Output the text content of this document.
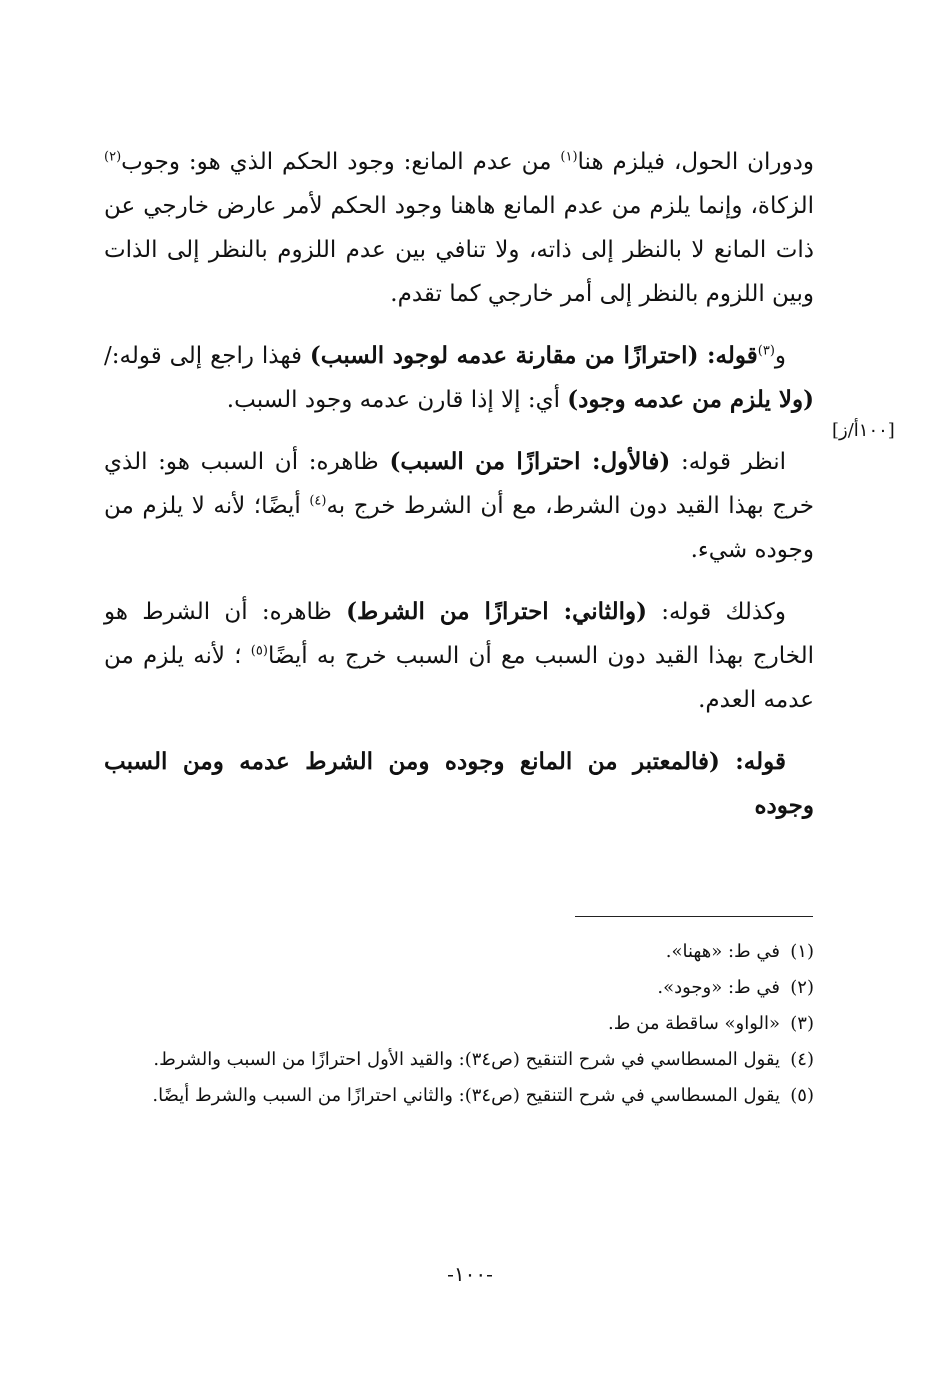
ودوران الحول، فيلزم هنا$^{(١)}$ من عدم المانع: وجود الحكم الذي هو: وجوب$^{(٢)}$ الزكاة، وإنما يلزم من عدم المانع هاهنا وجود الحكم لأمر عارض خارجي عن ذات المانع لا بالنظر إلى ذاته، ولا تنافي بين عدم اللزوم بالنظر إلى الذات وبين اللزوم بالنظر إلى أمر خارجي كما تقدم.

و$^{(٣)}$قوله: (احترازًا من مقارنة عدمه لوجود السبب) فهذا راجع إلى قوله:/ (ولا يلزم من عدمه وجود) أي: إلا إذا قارن عدمه وجود السبب.

انظر قوله: (فالأول: احترازًا من السبب) ظاهره: أن السبب هو: الذي خرج بهذا القيد دون الشرط، مع أن الشرط خرج به$^{(٤)}$ أيضًا؛ لأنه لا يلزم من وجوده شيء.

وكذلك قوله: (والثاني: احترازًا من الشرط) ظاهره: أن الشرط هو الخارج بهذا القيد دون السبب مع أن السبب خرج به أيضًا$^{(٥)}$ ؛ لأنه يلزم من عدمه العدم.

قوله: (فالمعتبر من المانع وجوده ومن الشرط عدمه ومن السبب وجوده

[١٠٠أ/ز]
(١)
في ط: «ههنا».
(٢)
في ط: «وجود».
(٣)
«الواو» ساقطة من ط.
(٤)
يقول المسطاسي في شرح التنقيح (ص٣٤): والقيد الأول احترازًا من السبب والشرط.
(٥)
يقول المسطاسي في شرح التنقيح (ص٣٤): والثاني احترازًا من السبب والشرط أيضًا.
-١٠٠-
